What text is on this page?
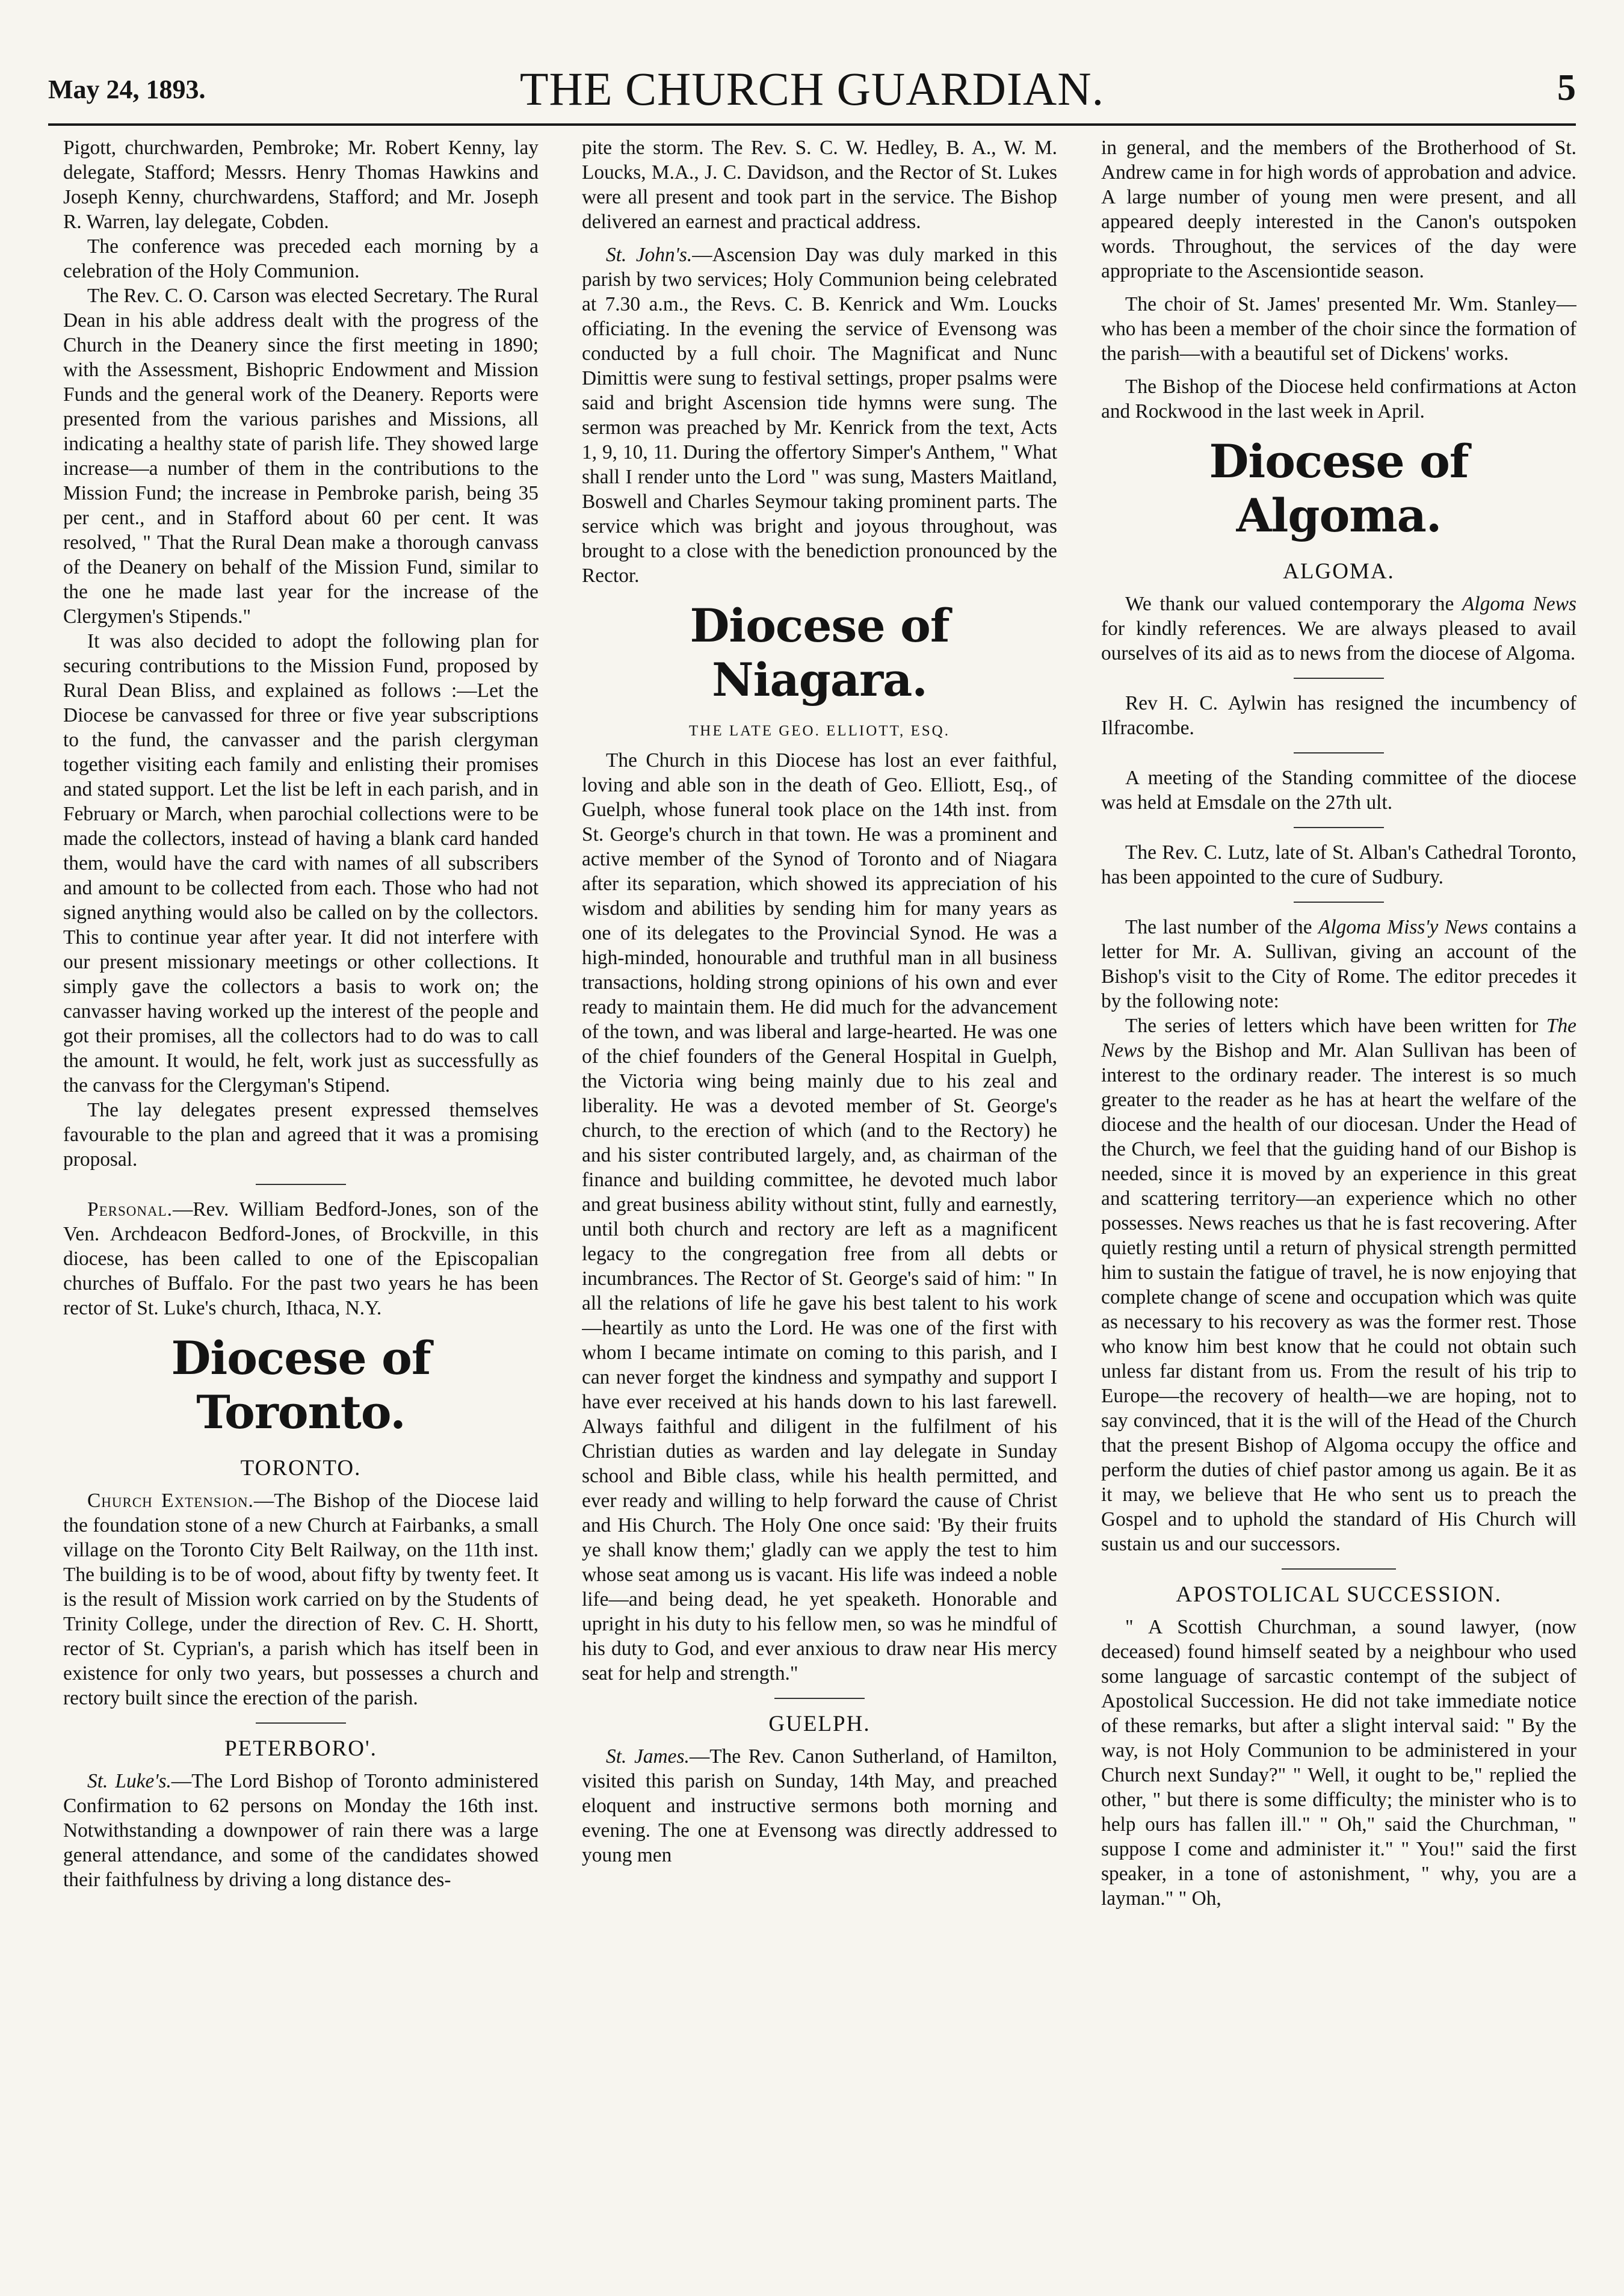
May 24, 1893.	THE CHURCH GUARDIAN.	5

Pigott, churchwarden, Pembroke; Mr. Robert Kenny, lay delegate, Stafford; Messrs. Henry Thomas Hawkins and Joseph Kenny, churchwardens, Stafford; and Mr. Joseph R. Warren, lay delegate, Cobden.

The conference was preceded each morning by a celebration of the Holy Communion.

The Rev. C. O. Carson was elected Secretary. The Rural Dean in his able address dealt with the progress of the Church in the Deanery since the first meeting in 1890; with the Assessment, Bishopric Endowment and Mission Funds and the general work of the Deanery. Reports were presented from the various parishes and Missions, all indicating a healthy state of parish life. They showed large increase—a number of them in the contributions to the Mission Fund; the increase in Pembroke parish, being 35 per cent., and in Stafford about 60 per cent. It was resolved, " That the Rural Dean make a thorough canvass of the Deanery on behalf of the Mission Fund, similar to the one he made last year for the increase of the Clergymen's Stipends."

It was also decided to adopt the following plan for securing contributions to the Mission Fund, proposed by Rural Dean Bliss, and explained as follows :—Let the Diocese be canvassed for three or five year subscriptions to the fund, the canvasser and the parish clergyman together visiting each family and enlisting their promises and stated support. Let the list be left in each parish, and in February or March, when parochial collections were to be made the collectors, instead of having a blank card handed them, would have the card with names of all subscribers and amount to be collected from each. Those who had not signed anything would also be called on by the collectors. This to continue year after year. It did not interfere with our present missionary meetings or other collections. It simply gave the collectors a basis to work on; the canvasser having worked up the interest of the people and got their promises, all the collectors had to do was to call the amount. It would, he felt, work just as successfully as the canvass for the Clergyman's Stipend.

The lay delegates present expressed themselves favourable to the plan and agreed that it was a promising proposal.

Personal.—Rev. William Bedford-Jones, son of the Ven. Archdeacon Bedford-Jones, of Brockville, in this diocese, has been called to one of the Episcopalian churches of Buffalo. For the past two years he has been rector of St. Luke's church, Ithaca, N.Y.

Diocese of Toronto.
TORONTO.

Church Extension.—The Bishop of the Diocese laid the foundation stone of a new Church at Fairbanks, a small village on the Toronto City Belt Railway, on the 11th inst. The building is to be of wood, about fifty by twenty feet. It is the result of Mission work carried on by the Students of Trinity College, under the direction of Rev. C. H. Shortt, rector of St. Cyprian's, a parish which has itself been in existence for only two years, but possesses a church and rectory built since the erection of the parish.

PETERBORO'.

St. Luke's.—The Lord Bishop of Toronto administered Confirmation to 62 persons on Monday the 16th inst. Notwithstanding a downpower of rain there was a large general attendance, and some of the candidates showed their faithfulness by driving a long distance des-

pite the storm. The Rev. S. C. W. Hedley, B. A., W. M. Loucks, M.A., J. C. Davidson, and the Rector of St. Lukes were all present and took part in the service. The Bishop delivered an earnest and practical address.

St. John's.—Ascension Day was duly marked in this parish by two services; Holy Communion being celebrated at 7.30 a.m., the Revs. C. B. Kenrick and Wm. Loucks officiating. In the evening the service of Evensong was conducted by a full choir. The Magnificat and Nunc Dimittis were sung to festival settings, proper psalms were said and bright Ascension tide hymns were sung. The sermon was preached by Mr. Kenrick from the text, Acts 1, 9, 10, 11. During the offertory Simper's Anthem, " What shall I render unto the Lord " was sung, Masters Maitland, Boswell and Charles Seymour taking prominent parts. The service which was bright and joyous throughout, was brought to a close with the benediction pronounced by the Rector.

Diocese of Niagara.
THE LATE GEO. ELLIOTT, ESQ.

The Church in this Diocese has lost an ever faithful, loving and able son in the death of Geo. Elliott, Esq., of Guelph, whose funeral took place on the 14th inst. from St. George's church in that town. He was a prominent and active member of the Synod of Toronto and of Niagara after its separation, which showed its appreciation of his wisdom and abilities by sending him for many years as one of its delegates to the Provincial Synod. He was a high-minded, honourable and truthful man in all business transactions, holding strong opinions of his own and ever ready to maintain them. He did much for the advancement of the town, and was liberal and large-hearted. He was one of the chief founders of the General Hospital in Guelph, the Victoria wing being mainly due to his zeal and liberality. He was a devoted member of St. George's church, to the erection of which (and to the Rectory) he and his sister contributed largely, and, as chairman of the finance and building committee, he devoted much labor and great business ability without stint, fully and earnestly, until both church and rectory are left as a magnificent legacy to the congregation free from all debts or incumbrances. The Rector of St. George's said of him: " In all the relations of life he gave his best talent to his work—heartily as unto the Lord. He was one of the first with whom I became intimate on coming to this parish, and I can never forget the kindness and sympathy and support I have ever received at his hands down to his last farewell. Always faithful and diligent in the fulfilment of his Christian duties as warden and lay delegate in Sunday school and Bible class, while his health permitted, and ever ready and willing to help forward the cause of Christ and His Church. The Holy One once said: 'By their fruits ye shall know them;' gladly can we apply the test to him whose seat among us is vacant. His life was indeed a noble life—and being dead, he yet speaketh. Honorable and upright in his duty to his fellow men, so was he mindful of his duty to God, and ever anxious to draw near His mercy seat for help and strength."

GUELPH.

St. James.—The Rev. Canon Sutherland, of Hamilton, visited this parish on Sunday, 14th May, and preached eloquent and instructive sermons both morning and evening. The one at Evensong was directly addressed to young men

in general, and the members of the Brotherhood of St. Andrew came in for high words of approbation and advice. A large number of young men were present, and all appeared deeply interested in the Canon's outspoken words. Throughout, the services of the day were appropriate to the Ascensiontide season.

The choir of St. James' presented Mr. Wm. Stanley—who has been a member of the choir since the formation of the parish—with a beautiful set of Dickens' works.

The Bishop of the Diocese held confirmations at Acton and Rockwood in the last week in April.

Diocese of Algoma.
ALGOMA.

We thank our valued contemporary the Algoma News for kindly references. We are always pleased to avail ourselves of its aid as to news from the diocese of Algoma.

Rev H. C. Aylwin has resigned the incumbency of Ilfracombe.

A meeting of the Standing committee of the diocese was held at Emsdale on the 27th ult.

The Rev. C. Lutz, late of St. Alban's Cathedral Toronto, has been appointed to the cure of Sudbury.

The last number of the Algoma Miss'y News contains a letter for Mr. A. Sullivan, giving an account of the Bishop's visit to the City of Rome. The editor precedes it by the following note:

The series of letters which have been written for The News by the Bishop and Mr. Alan Sullivan has been of interest to the ordinary reader. The interest is so much greater to the reader as he has at heart the welfare of the diocese and the health of our diocesan. Under the Head of the Church, we feel that the guiding hand of our Bishop is needed, since it is moved by an experience in this great and scattering territory—an experience which no other possesses. News reaches us that he is fast recovering. After quietly resting until a return of physical strength permitted him to sustain the fatigue of travel, he is now enjoying that complete change of scene and occupation which was quite as necessary to his recovery as was the former rest. Those who know him best know that he could not obtain such unless far distant from us. From the result of his trip to Europe—the recovery of health—we are hoping, not to say convinced, that it is the will of the Head of the Church that the present Bishop of Algoma occupy the office and perform the duties of chief pastor among us again. Be it as it may, we believe that He who sent us to preach the Gospel and to uphold the standard of His Church will sustain us and our successors.

APOSTOLICAL SUCCESSION.

" A Scottish Churchman, a sound lawyer, (now deceased) found himself seated by a neighbour who used some language of sarcastic contempt of the subject of Apostolical Succession. He did not take immediate notice of these remarks, but after a slight interval said: " By the way, is not Holy Communion to be administered in your Church next Sunday?" " Well, it ought to be," replied the other, " but there is some difficulty; the minister who is to help ours has fallen ill." " Oh," said the Churchman, " suppose I come and administer it." " You!" said the first speaker, in a tone of astonishment, " why, you are a layman." " Oh,
